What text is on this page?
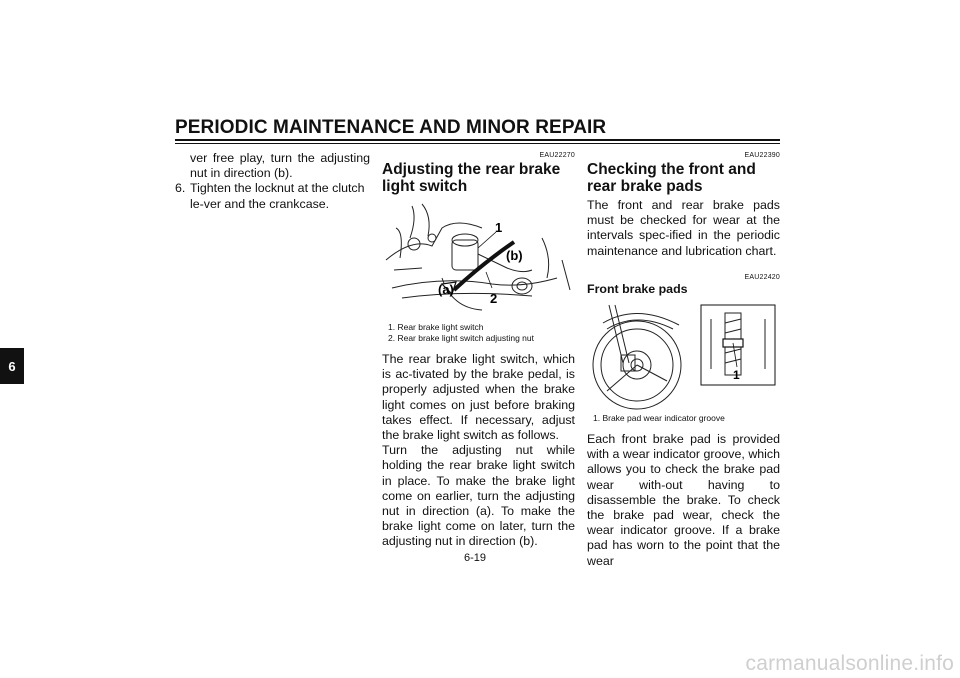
PERIODIC MAINTENANCE AND MINOR REPAIR
6

ver free play, turn the adjusting nut in direction (b).

6. Tighten the locknut at the clutch le-ver and the crankcase.
EAU22270
Adjusting the rear brake light switch
1
(b)
(a)
2
1. Rear brake light switch
2. Rear brake light switch adjusting nut

The rear brake light switch, which is ac-tivated by the brake pedal, is properly adjusted when the brake light comes on just before braking takes effect. If necessary, adjust the brake light switch as follows.

Turn the adjusting nut while holding the rear brake light switch in place. To make the brake light come on earlier, turn the adjusting nut in direction (a). To make the brake light come on later, turn the adjusting nut in direction (b).

EAU22390
Checking the front and rear brake pads

The front and rear brake pads must be checked for wear at the intervals spec-ified in the periodic maintenance and lubrication chart.

EAU22420
Front brake pads
1
1. Brake pad wear indicator groove

Each front brake pad is provided with a wear indicator groove, which allows you to check the brake pad wear with-out having to disassemble the brake. To check the brake pad wear, check the wear indicator groove. If a brake pad has worn to the point that the wear

6-19
carmanualsonline.info
